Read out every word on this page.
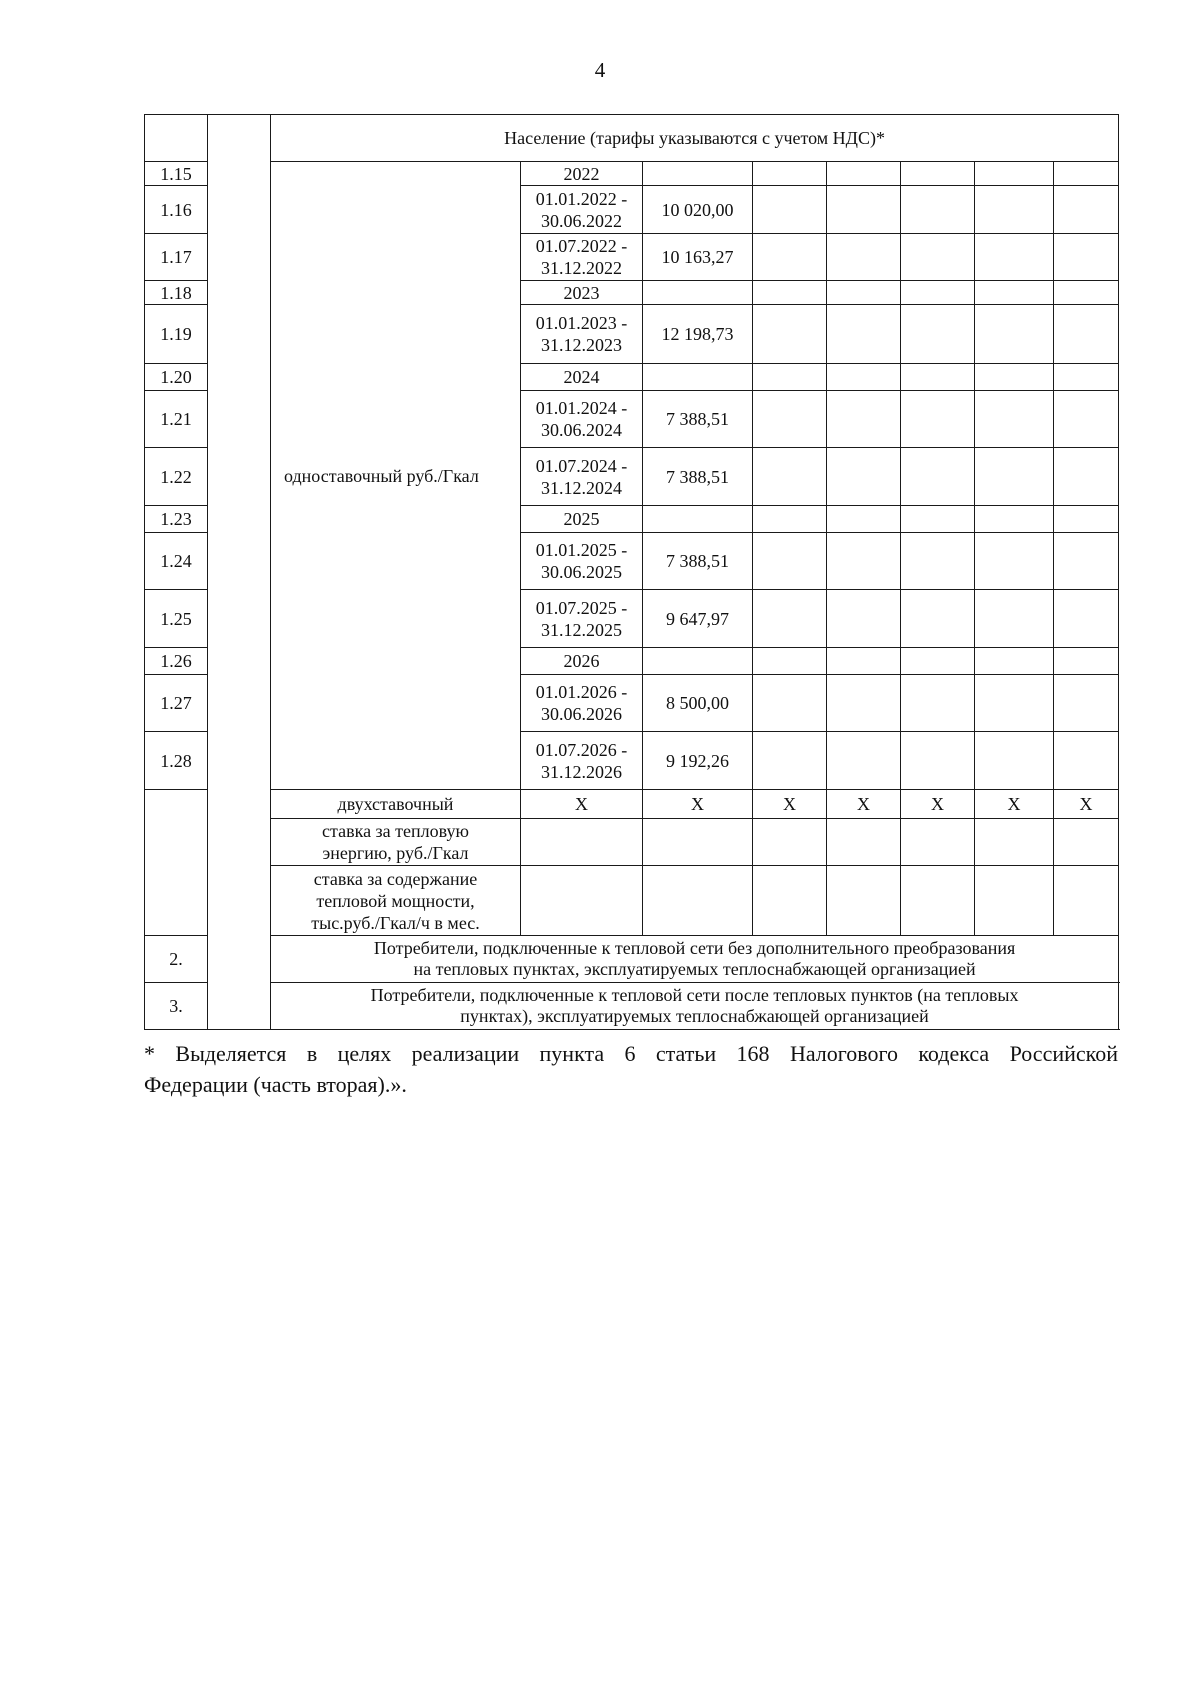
4
		Население (тарифы указываются с учетом НДС)*							
1.15		одноставочный руб./Гкал	2022						
1.16			01.01.2022 -
30.06.2022	10 020,00					
1.17			01.07.2022 -
31.12.2022	10 163,27					
1.18			2023						
1.19			01.01.2023 -
31.12.2023	12 198,73					
1.20			2024						
1.21			01.01.2024 -
30.06.2024	7 388,51					
1.22			01.07.2024 -
31.12.2024	7 388,51					
1.23			2025						
1.24			01.01.2025 -
30.06.2025	7 388,51					
1.25			01.07.2025 -
31.12.2025	9 647,97					
1.26			2026						
1.27			01.01.2026 -
30.06.2026	8 500,00					
1.28			01.07.2026 -
31.12.2026	9 192,26					
		двухставочный	Х	Х	Х	Х	Х	Х	Х
		ставка за тепловую
энергию, руб./Гкал							
		ставка за содержание
тепловой мощности,
тыс.руб./Гкал/ч в мес.							
2.		Потребители, подключенные к тепловой сети без дополнительного преобразования
на тепловых пунктах, эксплуатируемых теплоснабжающей организацией							
3.		Потребители, подключенные к тепловой сети после тепловых пунктов (на тепловых
пунктах), эксплуатируемых теплоснабжающей организацией							
* Выделяется в целях реализации пункта 6 статьи 168 Налогового кодекса Российской
Федерации (часть вторая).».
